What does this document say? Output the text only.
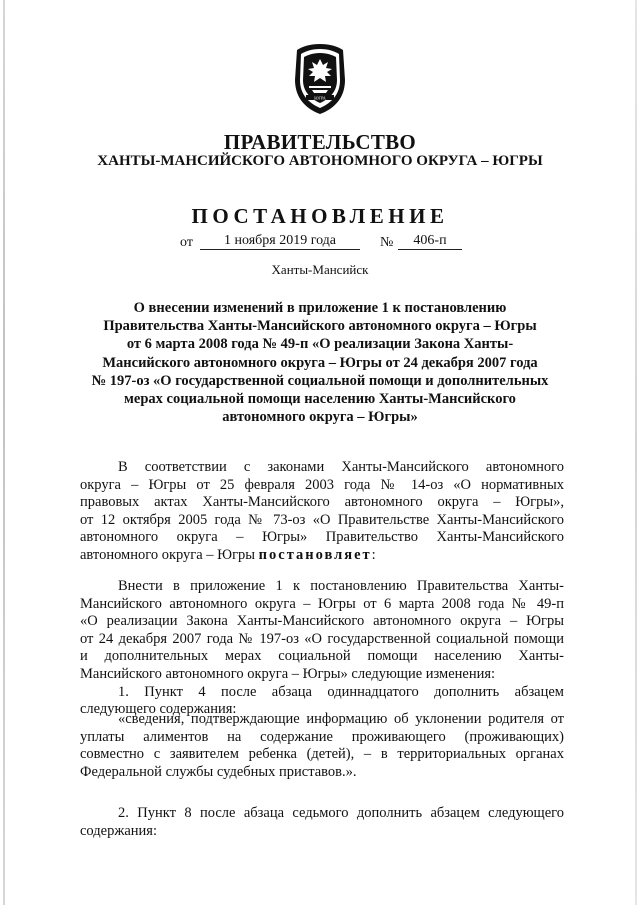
ЮГРА
ПРАВИТЕЛЬСТВО
ХАНТЫ-МАНСИЙСКОГО АВТОНОМНОГО ОКРУГА – ЮГРЫ
ПОСТАНОВЛЕНИЕ
от	1 ноября 2019 года	№	406-п
Ханты-Мансийск

О внесении изменений в приложение 1 к постановлению
Правительства Ханты-Мансийского автономного округа – Югры
от 6 марта 2008 года № 49-п «О реализации Закона Ханты-
Мансийского автономного округа – Югры от 24 декабря 2007 года
№ 197-оз «О государственной социальной помощи и дополнительных
мерах социальной помощи населению Ханты-Мансийского
автономного округа – Югры»

В соответствии с законами Ханты-Мансийского автономного
округа – Югры от 25 февраля 2003 года № 14-оз «О нормативных
правовых актах Ханты-Мансийского автономного округа – Югры»,
от 12 октября 2005 года № 73-оз «О Правительстве Ханты-Мансийского
автономного округа – Югры» Правительство Ханты-Мансийского
автономного округа – Югры постановляет:

Внести в приложение 1 к постановлению Правительства Ханты-
Мансийского автономного округа – Югры от 6 марта 2008 года № 49-п
«О реализации Закона Ханты-Мансийского автономного округа – Югры
от 24 декабря 2007 года № 197-оз «О государственной социальной помощи
и дополнительных мерах социальной помощи населению Ханты-
Мансийского автономного округа – Югры» следующие изменения:
1. Пункт 4 после абзаца одиннадцатого дополнить абзацем
следующего содержания:

«сведения, подтверждающие информацию об уклонении родителя от
уплаты алиментов на содержание проживающего (проживающих)
совместно с заявителем ребенка (детей), – в территориальных органах
Федеральной службы судебных приставов.».

2. Пункт 8 после абзаца седьмого дополнить абзацем следующего
содержания:
